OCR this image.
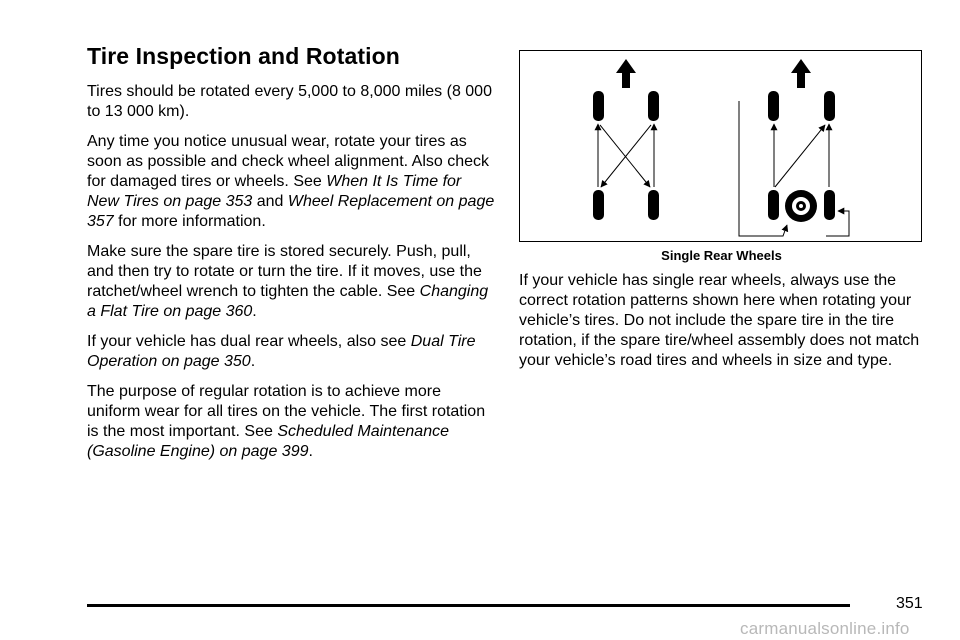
Tire Inspection and Rotation

Tires should be rotated every 5,000 to 8,000 miles (8 000 to 13 000 km).

Any time you notice unusual wear, rotate your tires as soon as possible and check wheel alignment. Also check for damaged tires or wheels. See When It Is Time for New Tires on page 353 and Wheel Replacement on page 357 for more information.

Make sure the spare tire is stored securely. Push, pull, and then try to rotate or turn the tire. If it moves, use the ratchet/wheel wrench to tighten the cable. See Changing a Flat Tire on page 360.

If your vehicle has dual rear wheels, also see Dual Tire Operation on page 350.

The purpose of regular rotation is to achieve more uniform wear for all tires on the vehicle. The first rotation is the most important. See Scheduled Maintenance (Gasoline Engine) on page 399.

Single Rear Wheels

If your vehicle has single rear wheels, always use the correct rotation patterns shown here when rotating your vehicle’s tires. Do not include the spare tire in the tire rotation, if the spare tire/wheel assembly does not match your vehicle’s road tires and wheels in size and type.

351
carmanualsonline.info
